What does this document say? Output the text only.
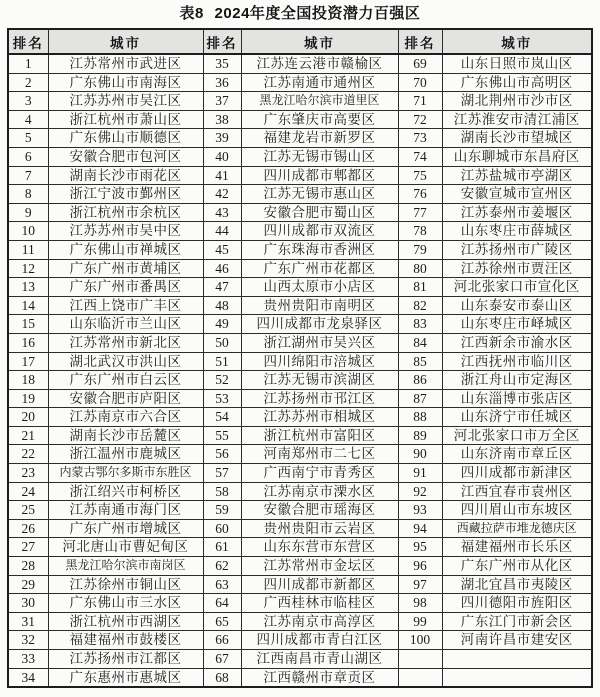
表8 2024年度全国投资潜力百强区
排名	城市	排名	城市	排名	城市
1	江苏常州市武进区	35	江苏连云港市赣榆区	69	山东日照市岚山区
2	广东佛山市南海区	36	江苏南通市通州区	70	广东佛山市高明区
3	江苏苏州市吴江区	37	黑龙江哈尔滨市道里区	71	湖北荆州市沙市区
4	浙江杭州市萧山区	38	广东肇庆市高要区	72	江苏淮安市清江浦区
5	广东佛山市顺德区	39	福建龙岩市新罗区	73	湖南长沙市望城区
6	安徽合肥市包河区	40	江苏无锡市锡山区	74	山东聊城市东昌府区
7	湖南长沙市雨花区	41	四川成都市郫都区	75	江苏盐城市亭湖区
8	浙江宁波市鄞州区	42	江苏无锡市惠山区	76	安徽宣城市宣州区
9	浙江杭州市余杭区	43	安徽合肥市蜀山区	77	江苏泰州市姜堰区
10	江苏苏州市吴中区	44	四川成都市双流区	78	山东枣庄市薛城区
11	广东佛山市禅城区	45	广东珠海市香洲区	79	江苏扬州市广陵区
12	广东广州市黄埔区	46	广东广州市花都区	80	江苏徐州市贾汪区
13	广东广州市番禺区	47	山西太原市小店区	81	河北张家口市宣化区
14	江西上饶市广丰区	48	贵州贵阳市南明区	82	山东泰安市泰山区
15	山东临沂市兰山区	49	四川成都市龙泉驿区	83	山东枣庄市峄城区
16	江苏常州市新北区	50	浙江湖州市吴兴区	84	江西新余市渝水区
17	湖北武汉市洪山区	51	四川绵阳市涪城区	85	江西抚州市临川区
18	广东广州市白云区	52	江苏无锡市滨湖区	86	浙江舟山市定海区
19	安徽合肥市庐阳区	53	江苏扬州市邗江区	87	山东淄博市张店区
20	江苏南京市六合区	54	江苏苏州市相城区	88	山东济宁市任城区
21	湖南长沙市岳麓区	55	浙江杭州市富阳区	89	河北张家口市万全区
22	浙江温州市鹿城区	56	河南郑州市二七区	90	山东济南市章丘区
23	内蒙古鄂尔多斯市东胜区	57	广西南宁市青秀区	91	四川成都市新津区
24	浙江绍兴市柯桥区	58	江苏南京市溧水区	92	江西宜春市袁州区
25	江苏南通市海门区	59	安徽合肥市瑶海区	93	四川眉山市东坡区
26	广东广州市增城区	60	贵州贵阳市云岩区	94	西藏拉萨市堆龙德庆区
27	河北唐山市曹妃甸区	61	山东东营市东营区	95	福建福州市长乐区
28	黑龙江哈尔滨市南岗区	62	江苏常州市金坛区	96	广东广州市从化区
29	江苏徐州市铜山区	63	四川成都市新都区	97	湖北宜昌市夷陵区
30	广东佛山市三水区	64	广西桂林市临桂区	98	四川德阳市旌阳区
31	浙江杭州市西湖区	65	江苏南京市高淳区	99	广东江门市新会区
32	福建福州市鼓楼区	66	四川成都市青白江区	100	河南许昌市建安区
33	江苏扬州市江都区	67	江西南昌市青山湖区		
34	广东惠州市惠城区	68	江西赣州市章贡区		
